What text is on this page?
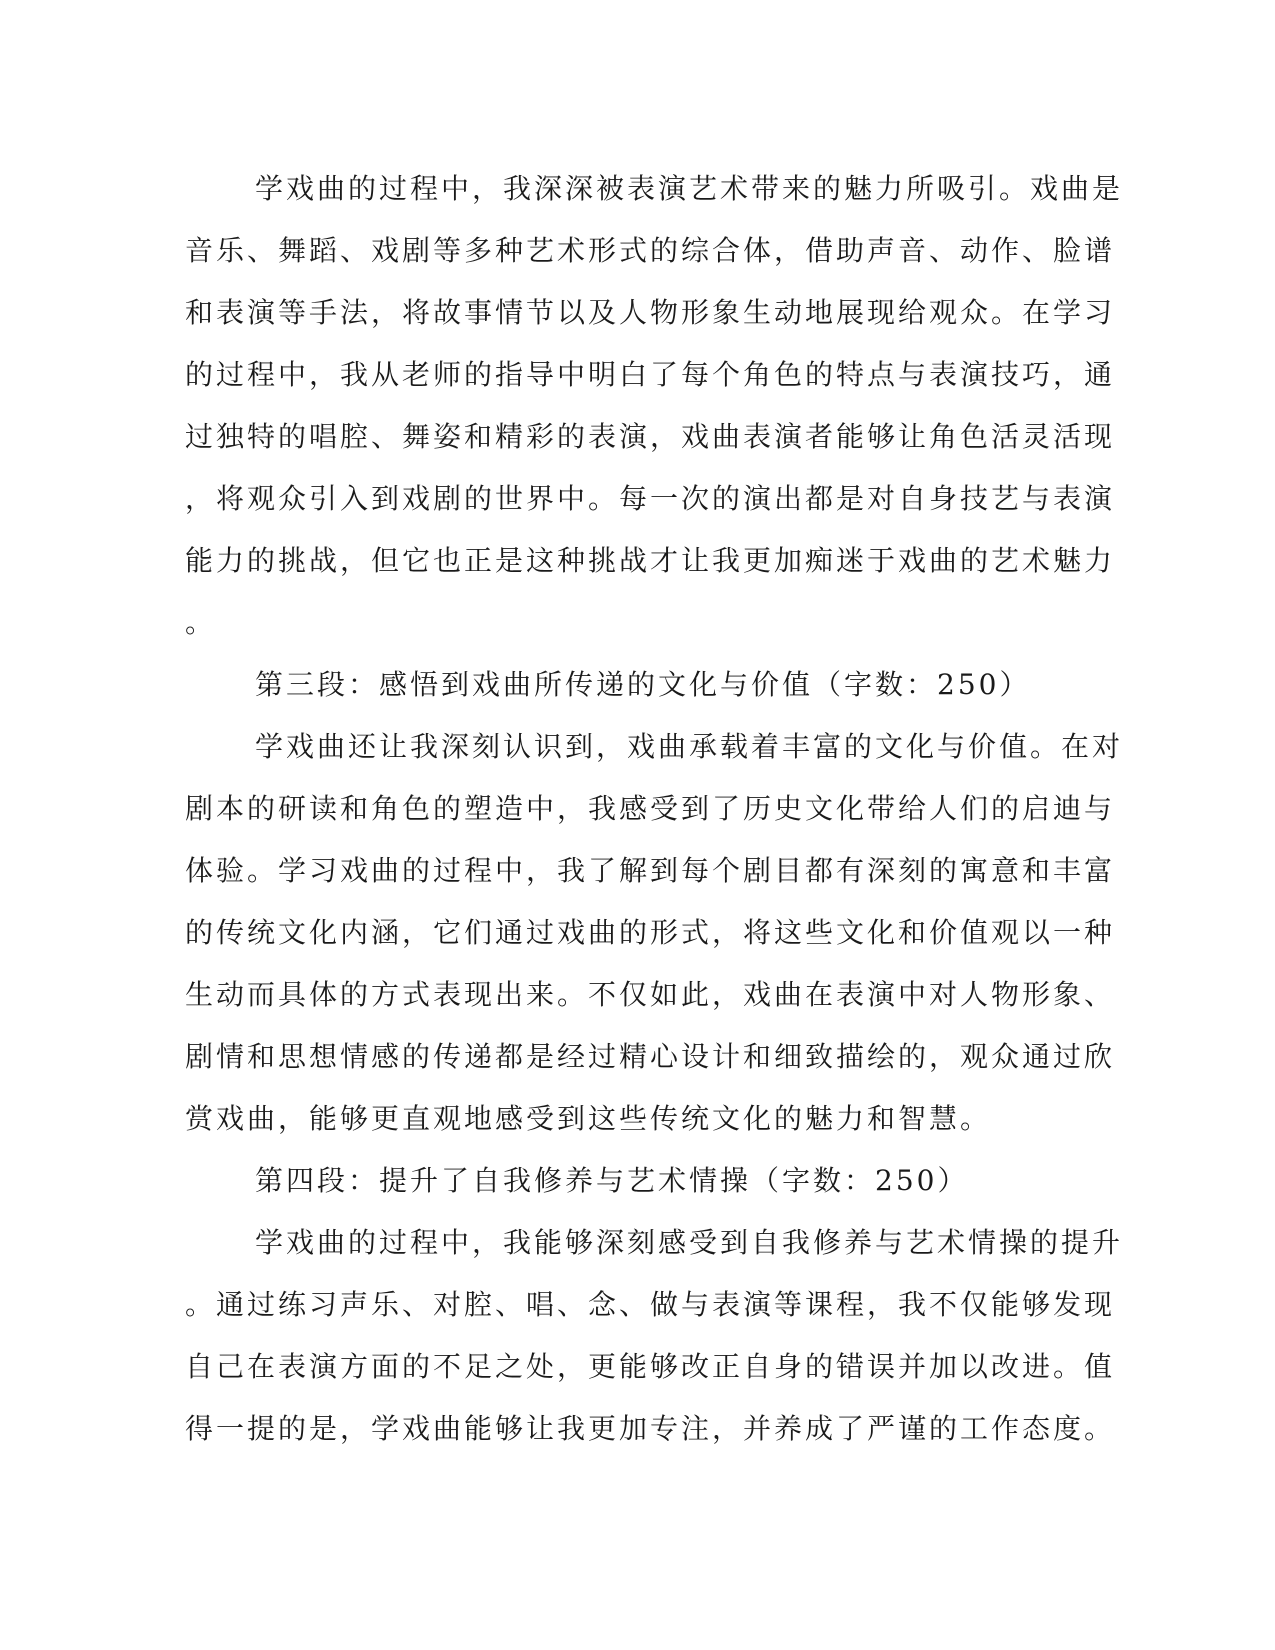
学戏曲的过程中，我深深被表演艺术带来的魅力所吸引。戏曲是
音乐、舞蹈、戏剧等多种艺术形式的综合体，借助声音、动作、脸谱
和表演等手法，将故事情节以及人物形象生动地展现给观众。在学习
的过程中，我从老师的指导中明白了每个角色的特点与表演技巧，通
过独特的唱腔、舞姿和精彩的表演，戏曲表演者能够让角色活灵活现
，将观众引入到戏剧的世界中。每一次的演出都是对自身技艺与表演
能力的挑战，但它也正是这种挑战才让我更加痴迷于戏曲的艺术魅力
。
第三段：感悟到戏曲所传递的文化与价值（字数：250）
学戏曲还让我深刻认识到，戏曲承载着丰富的文化与价值。在对
剧本的研读和角色的塑造中，我感受到了历史文化带给人们的启迪与
体验。学习戏曲的过程中，我了解到每个剧目都有深刻的寓意和丰富
的传统文化内涵，它们通过戏曲的形式，将这些文化和价值观以一种
生动而具体的方式表现出来。不仅如此，戏曲在表演中对人物形象、
剧情和思想情感的传递都是经过精心设计和细致描绘的，观众通过欣
赏戏曲，能够更直观地感受到这些传统文化的魅力和智慧。
第四段：提升了自我修养与艺术情操（字数：250）
学戏曲的过程中，我能够深刻感受到自我修养与艺术情操的提升
。通过练习声乐、对腔、唱、念、做与表演等课程，我不仅能够发现
自己在表演方面的不足之处，更能够改正自身的错误并加以改进。值
得一提的是，学戏曲能够让我更加专注，并养成了严谨的工作态度。
